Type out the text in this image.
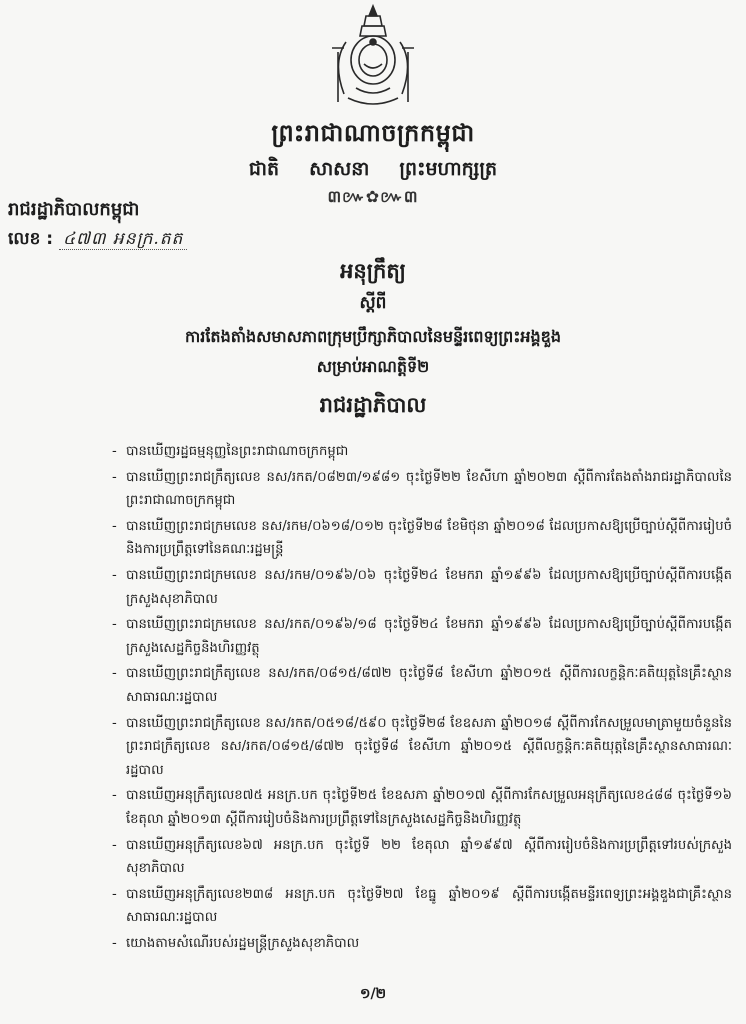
ព្រះរាជាណាចក្រកម្ពុជា
ជាតិ សាសនា ព្រះមហាក្សត្រ
៣៚✿៚៣
រាជរដ្ឋាភិបាលកម្ពុជា
លេខ : ៤៧៣ អនក្រ.តត
អនុក្រឹត្យ
ស្ដីពី
ការតែងតាំងសមាសភាពក្រុមប្រឹក្សាភិបាលនៃមន្ទីរពេទ្យព្រះអង្គឌួង
សម្រាប់អាណត្តិទី២
រាជរដ្ឋាភិបាល
- បានឃើញរដ្ឋធម្មនុញ្ញនៃព្រះរាជាណាចក្រកម្ពុជា
- បានឃើញព្រះរាជក្រឹត្យលេខ នស/រកត/០៨២៣/១៩៨១ ចុះថ្ងៃទី២២ ខែសីហា ឆ្នាំ២០២៣ ស្ដីពីការតែងតាំងរាជរដ្ឋាភិបាលនៃព្រះរាជាណាចក្រកម្ពុជា
- បានឃើញព្រះរាជក្រមលេខ នស/រកម/០៦១៨/០១២ ចុះថ្ងៃទី២៨ ខែមិថុនា ឆ្នាំ២០១៨ ដែលប្រកាសឱ្យប្រើច្បាប់ស្ដីពីការរៀបចំនិងការប្រព្រឹត្តទៅនៃគណៈរដ្ឋមន្ត្រី
- បានឃើញព្រះរាជក្រមលេខ នស/រកម/០១៩៦/០៦ ចុះថ្ងៃទី២៤ ខែមករា ឆ្នាំ១៩៩៦ ដែលប្រកាសឱ្យប្រើច្បាប់ស្ដីពីការបង្កើតក្រសួងសុខាភិបាល
- បានឃើញព្រះរាជក្រមលេខ នស/រកត/០១៩៦/១៨ ចុះថ្ងៃទី២៤ ខែមករា ឆ្នាំ១៩៩៦ ដែលប្រកាសឱ្យប្រើច្បាប់ស្ដីពីការបង្កើតក្រសួងសេដ្ឋកិច្ចនិងហិរញ្ញវត្ថុ
- បានឃើញព្រះរាជក្រឹត្យលេខ នស/រកត/០៨១៥/៨៧២ ចុះថ្ងៃទី៨ ខែសីហា ឆ្នាំ២០១៥ ស្ដីពីការលក្ខន្តិកៈគតិយុត្តនៃគ្រឹះស្ថានសាធារណៈរដ្ឋបាល
- បានឃើញព្រះរាជក្រឹត្យលេខ នស/រកត/០៥១៨/៥៩០ ចុះថ្ងៃទី២៨ ខែឧសភា ឆ្នាំ២០១៨ ស្ដីពីការកែសម្រួលមាត្រាមួយចំនួននៃព្រះរាជក្រឹត្យលេខ នស/រកត/០៨១៥/៨៧២ ចុះថ្ងៃទី៨ ខែសីហា ឆ្នាំ២០១៥ ស្ដីពីលក្ខន្តិកៈគតិយុត្តនៃគ្រឹះស្ថានសាធារណៈរដ្ឋបាល
- បានឃើញអនុក្រឹត្យលេខ៧៥ អនក្រ.បក ចុះថ្ងៃទី២៥ ខែឧសភា ឆ្នាំ២០១៧ ស្ដីពីការកែសម្រួលអនុក្រឹត្យលេខ៤៨៨ ចុះថ្ងៃទី១៦ ខែតុលា ឆ្នាំ២០១៣ ស្ដីពីការរៀបចំនិងការប្រព្រឹត្តទៅនៃក្រសួងសេដ្ឋកិច្ចនិងហិរញ្ញវត្ថុ
- បានឃើញអនុក្រឹត្យលេខ៦៧ អនក្រ.បក ចុះថ្ងៃទី ២២ ខែតុលា ឆ្នាំ១៩៩៧ ស្ដីពីការរៀបចំនិងការប្រព្រឹត្តទៅរបស់ក្រសួងសុខាភិបាល
- បានឃើញអនុក្រឹត្យលេខ២៣៨ អនក្រ.បក ចុះថ្ងៃទី២៧ ខែធ្នូ ឆ្នាំ២០១៩ ស្ដីពីការបង្កើតមន្ទីរពេទ្យព្រះអង្គឌួងជាគ្រឹះស្ថានសាធារណៈរដ្ឋបាល
- យោងតាមសំណើរបស់រដ្ឋមន្ត្រីក្រសួងសុខាភិបាល
១/២
